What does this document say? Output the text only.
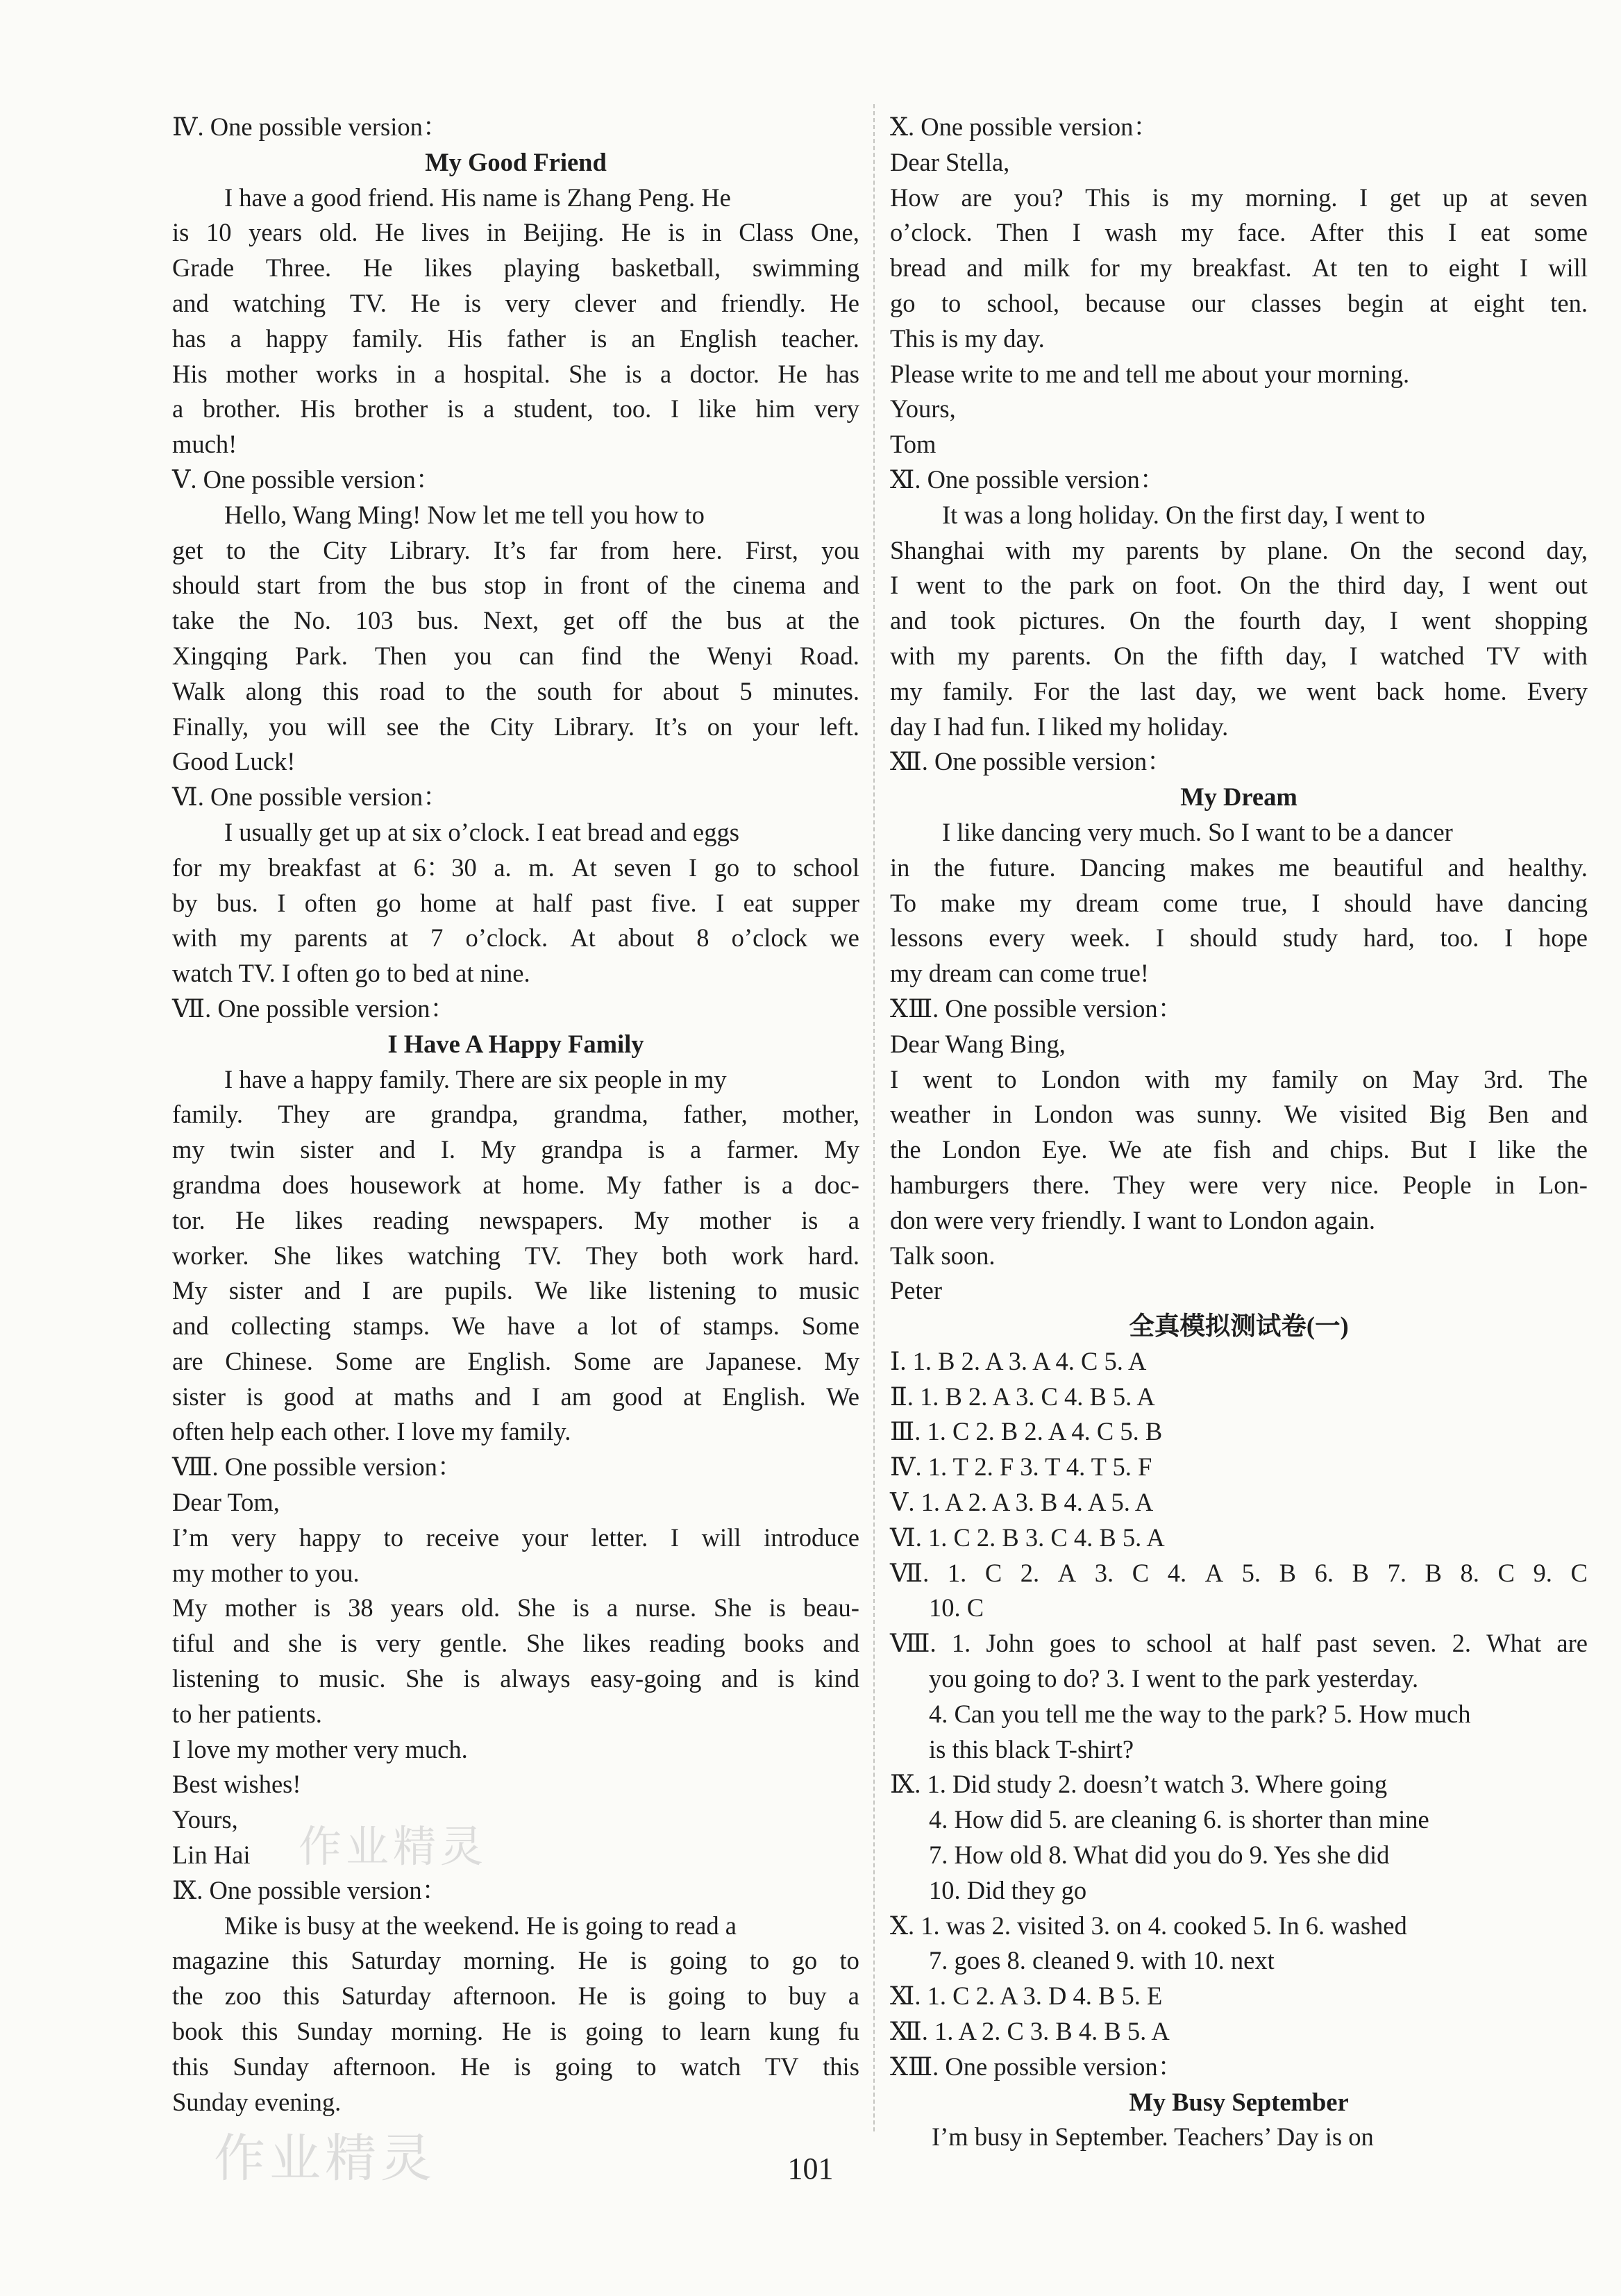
Ⅳ. One possible version：
My Good Friend
I have a good friend. His name is Zhang Peng. He
is 10 years old. He lives in Beijing. He is in Class One,
Grade Three. He likes playing basketball, swimming
and watching TV. He is very clever and friendly. He
has a happy family. His father is an English teacher.
His mother works in a hospital. She is a doctor. He has
a brother. His brother is a student, too. I like him very
much!
Ⅴ. One possible version：
Hello, Wang Ming! Now let me tell you how to
get to the City Library. It’s far from here. First, you
should start from the bus stop in front of the cinema and
take the No. 103 bus. Next, get off the bus at the
Xingqing Park. Then you can find the Wenyi Road.
Walk along this road to the south for about 5 minutes.
Finally, you will see the City Library. It’s on your left.
Good Luck!
Ⅵ. One possible version：
I usually get up at six o’clock. I eat bread and eggs
for my breakfast at 6：30 a. m. At seven I go to school
by bus. I often go home at half past five. I eat supper
with my parents at 7 o’clock. At about 8 o’clock we
watch TV. I often go to bed at nine.
Ⅶ. One possible version：
I Have A Happy Family
I have a happy family. There are six people in my
family. They are grandpa, grandma, father, mother,
my twin sister and I. My grandpa is a farmer. My
grandma does housework at home. My father is a doc-
tor. He likes reading newspapers. My mother is a
worker. She likes watching TV. They both work hard.
My sister and I are pupils. We like listening to music
and collecting stamps. We have a lot of stamps. Some
are Chinese. Some are English. Some are Japanese. My
sister is good at maths and I am good at English. We
often help each other. I love my family.
Ⅷ. One possible version：
Dear Tom,
I’m very happy to receive your letter. I will introduce
my mother to you.
My mother is 38 years old. She is a nurse. She is beau-
tiful and she is very gentle. She likes reading books and
listening to music. She is always easy-going and is kind
to her patients.
I love my mother very much.
Best wishes!
Yours,
Lin Hai
Ⅸ. One possible version：
Mike is busy at the weekend. He is going to read a
magazine this Saturday morning. He is going to go to
the zoo this Saturday afternoon. He is going to buy a
book this Sunday morning. He is going to learn kung fu
this Sunday afternoon. He is going to watch TV this
Sunday evening.
Ⅹ. One possible version：
Dear Stella,
How are you? This is my morning. I get up at seven
o’clock. Then I wash my face. After this I eat some
bread and milk for my breakfast. At ten to eight I will
go to school, because our classes begin at eight ten.
This is my day.
Please write to me and tell me about your morning.
Yours,
Tom
Ⅺ. One possible version：
It was a long holiday. On the first day, I went to
Shanghai with my parents by plane. On the second day,
I went to the park on foot. On the third day, I went out
and took pictures. On the fourth day, I went shopping
with my parents. On the fifth day, I watched TV with
my family. For the last day, we went back home. Every
day I had fun. I liked my holiday.
Ⅻ. One possible version：
My Dream
I like dancing very much. So I want to be a dancer
in the future. Dancing makes me beautiful and healthy.
To make my dream come true, I should have dancing
lessons every week. I should study hard, too. I hope
my dream can come true!
ⅩⅢ. One possible version：
Dear Wang Bing,
I went to London with my family on May 3rd. The
weather in London was sunny. We visited Big Ben and
the London Eye. We ate fish and chips. But I like the
hamburgers there. They were very nice. People in Lon-
don were very friendly. I want to London again.
Talk soon.
Peter
全真模拟测试卷(一)
Ⅰ. 1. B 2. A 3. A 4. C 5. A
Ⅱ. 1. B 2. A 3. C 4. B 5. A
Ⅲ. 1. C 2. B 2. A 4. C 5. B
Ⅳ. 1. T 2. F 3. T 4. T 5. F
Ⅴ. 1. A 2. A 3. B 4. A 5. A
Ⅵ. 1. C 2. B 3. C 4. B 5. A
Ⅶ. 1. C 2. A 3. C 4. A 5. B 6. B 7. B 8. C 9. C
10. C
Ⅷ. 1. John goes to school at half past seven. 2. What are
you going to do? 3. I went to the park yesterday.
4. Can you tell me the way to the park? 5. How much
is this black T-shirt?
Ⅸ. 1. Did study 2. doesn’t watch 3. Where going
4. How did 5. are cleaning 6. is shorter than mine
7. How old 8. What did you do 9. Yes she did
10. Did they go
Ⅹ. 1. was 2. visited 3. on 4. cooked 5. In 6. washed
7. goes 8. cleaned 9. with 10. next
Ⅺ. 1. C 2. A 3. D 4. B 5. E
Ⅻ. 1. A 2. C 3. B 4. B 5. A
ⅩⅢ. One possible version：
My Busy September
I’m busy in September. Teachers’ Day is on
101
作业精灵
作业精灵
